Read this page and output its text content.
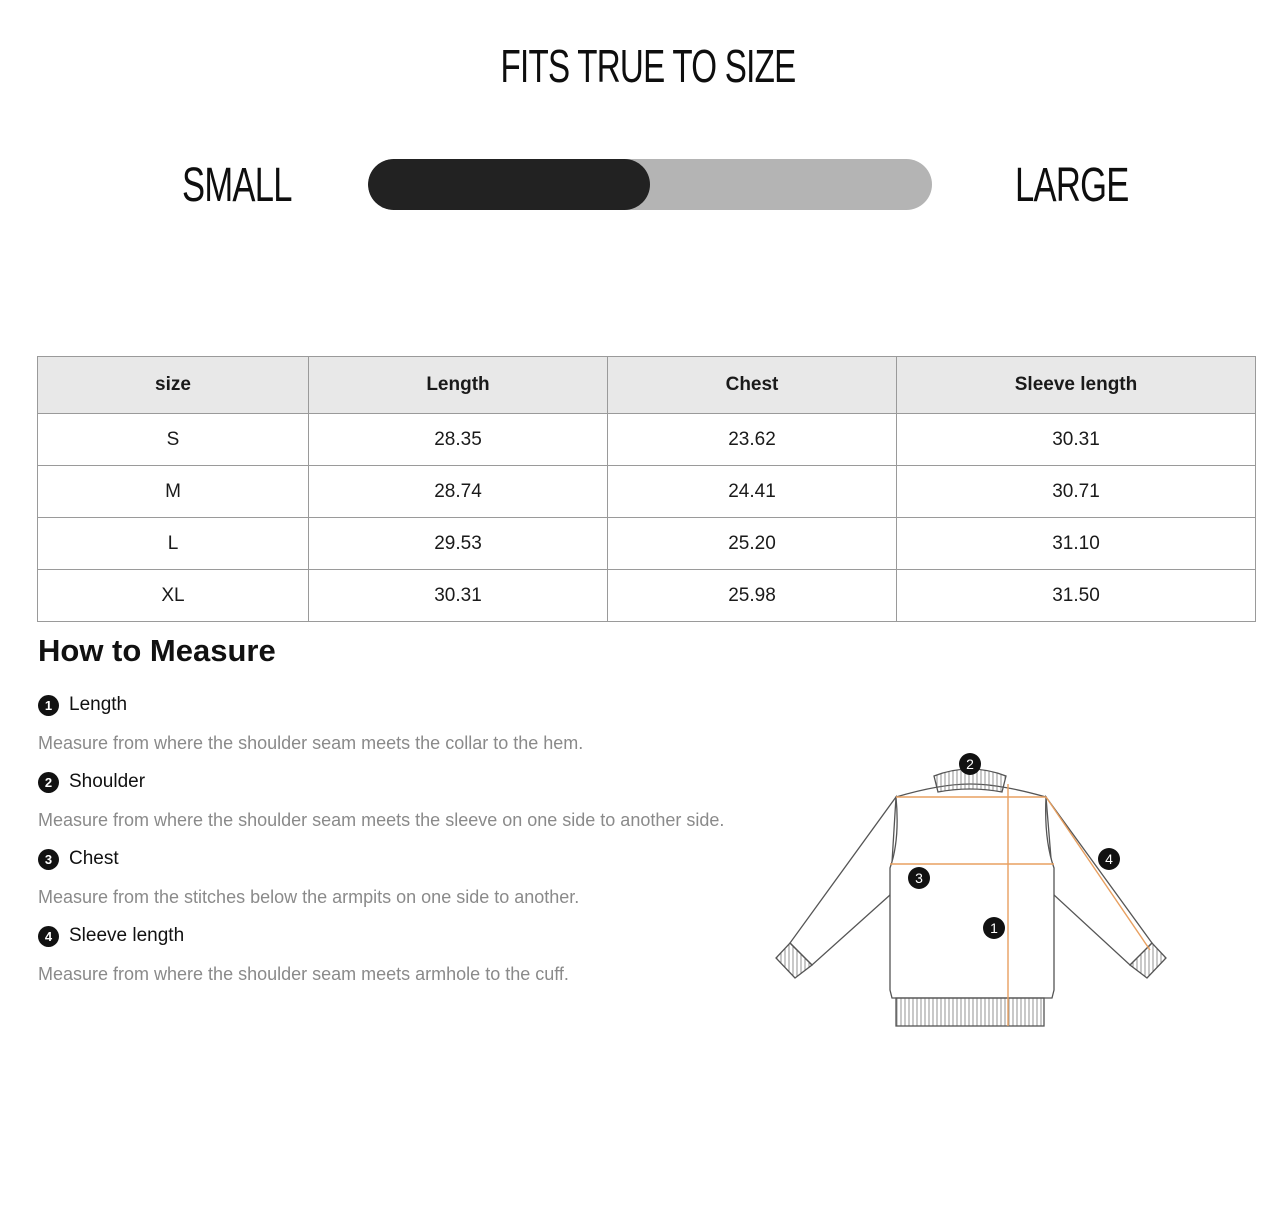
FITS TRUE TO SIZE
SMALL	LARGE
size	Length	Chest	Sleeve length
S	28.35	23.62	30.31
M	28.74	24.41	30.71
L	29.53	25.20	31.10
XL	30.31	25.98	31.50
How to Measure
1 Length
Measure from where the shoulder seam meets the collar to the hem.
2 Shoulder
Measure from where the shoulder seam meets the sleeve on one side to another side.
3 Chest
Measure from the stitches below the armpits on one side to another.
4 Sleeve length
Measure from where the shoulder seam meets armhole to the cuff.
1
2
3
4
